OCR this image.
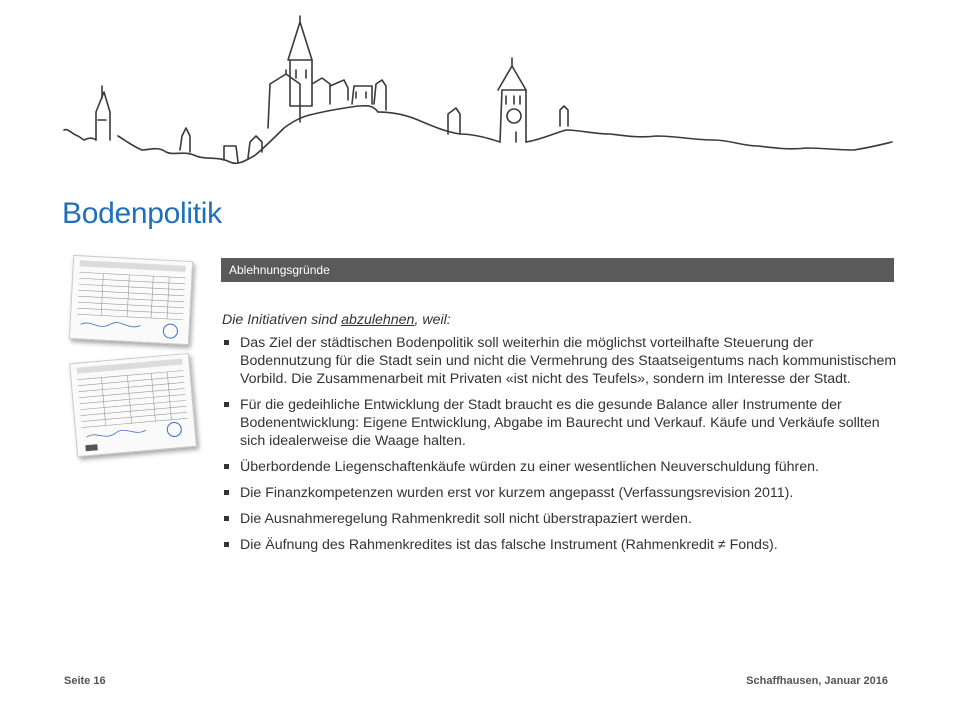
Bodenpolitik
Ablehnungsgründe

Die Initiativen sind abzulehnen, weil:

Das Ziel der städtischen Bodenpolitik soll weiterhin die möglichst vorteilhafte Steuerung der Bodennutzung für die Stadt sein und nicht die Vermehrung des Staatseigentums nach kommunistischem Vorbild. Die Zusammenarbeit mit Privaten «ist nicht des Teufels», sondern im Interesse der Stadt.
Für die gedeihliche Entwicklung der Stadt braucht es die gesunde Balance aller Instrumente der Bodenentwicklung: Eigene Entwicklung, Abgabe im Baurecht und Verkauf. Käufe und Verkäufe sollten sich idealerweise die Waage halten.
Überbordende Liegenschaftenkäufe würden zu einer wesentlichen Neuverschuldung führen.
Die Finanzkompetenzen wurden erst vor kurzem angepasst (Verfassungsrevision 2011).
Die Ausnahmeregelung Rahmenkredit soll nicht überstrapaziert werden.
Die Äufnung des Rahmenkredites ist das falsche Instrument (Rahmenkredit ≠ Fonds).
Seite 16	Schaffhausen, Januar 2016
